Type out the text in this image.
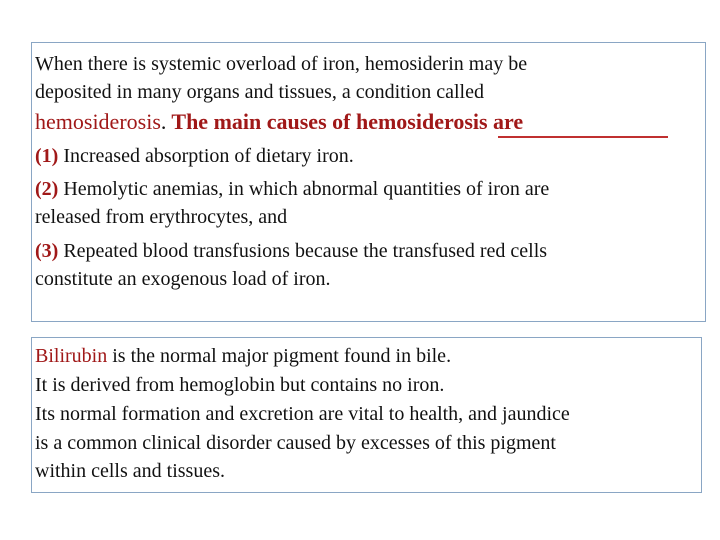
When there is systemic overload of iron, hemosiderin may be
deposited in many organs and tissues, a condition called
hemosiderosis. The main causes of hemosiderosis are
(1) Increased absorption of dietary iron.
(2) Hemolytic anemias, in which abnormal quantities of iron are
released from erythrocytes, and
(3) Repeated blood transfusions because the transfused red cells
constitute an exogenous load of iron.
Bilirubin is the normal major pigment found in bile.
It is derived from hemoglobin but contains no iron.
Its normal formation and excretion are vital to health, and jaundice
is a common clinical disorder caused by excesses of this pigment
within cells and tissues.
